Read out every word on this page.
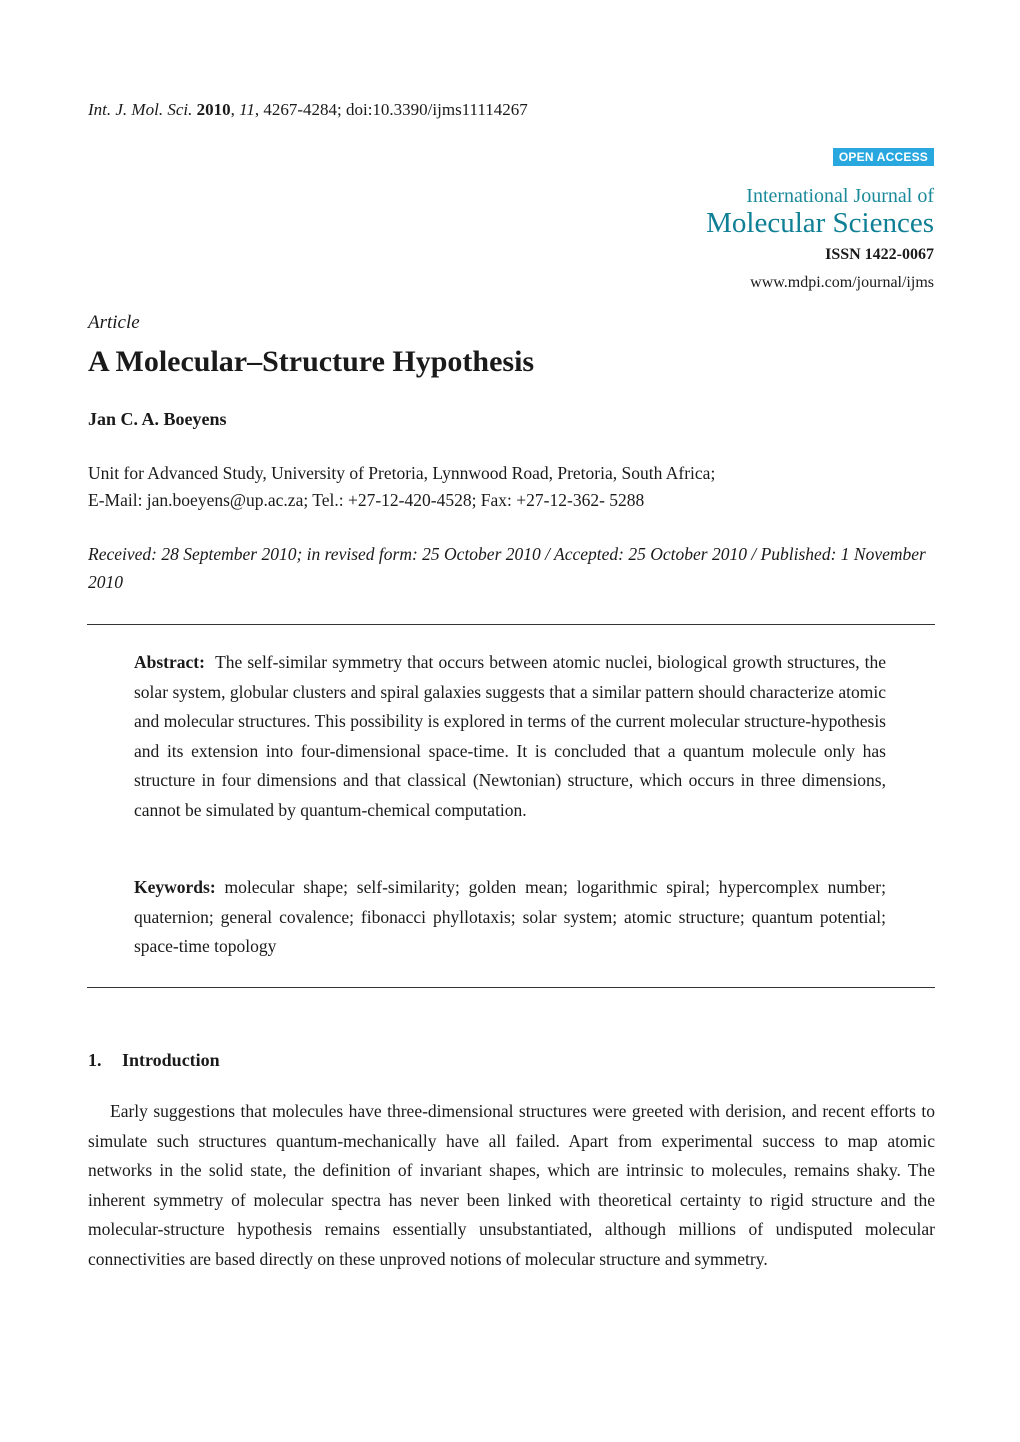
Int. J. Mol. Sci. 2010, 11, 4267-4284; doi:10.3390/ijms11114267
OPEN ACCESS
International Journal of
Molecular Sciences
ISSN 1422-0067
www.mdpi.com/journal/ijms
Article
A Molecular–Structure Hypothesis
Jan C. A. Boeyens
Unit for Advanced Study, University of Pretoria, Lynnwood Road, Pretoria, South Africa;
E-Mail: jan.boeyens@up.ac.za; Tel.: +27-12-420-4528; Fax: +27-12-362- 5288
Received: 28 September 2010; in revised form: 25 October 2010 / Accepted: 25 October 2010 / Published: 1 November 2010
Abstract: The self-similar symmetry that occurs between atomic nuclei, biological growth structures, the solar system, globular clusters and spiral galaxies suggests that a similar pattern should characterize atomic and molecular structures. This possibility is explored in terms of the current molecular structure-hypothesis and its extension into four-dimensional space-time. It is concluded that a quantum molecule only has structure in four dimensions and that classical (Newtonian) structure, which occurs in three dimensions, cannot be simulated by quantum-chemical computation.
Keywords: molecular shape; self-similarity; golden mean; logarithmic spiral; hypercomplex number; quaternion; general covalence; fibonacci phyllotaxis; solar system; atomic structure; quantum potential; space-time topology
1. Introduction

Early suggestions that molecules have three-dimensional structures were greeted with derision, and recent efforts to simulate such structures quantum-mechanically have all failed. Apart from experimental success to map atomic networks in the solid state, the definition of invariant shapes, which are intrinsic to molecules, remains shaky. The inherent symmetry of molecular spectra has never been linked with theoretical certainty to rigid structure and the molecular-structure hypothesis remains essentially unsubstantiated, although millions of undisputed molecular connectivities are based directly on these unproved notions of molecular structure and symmetry.
